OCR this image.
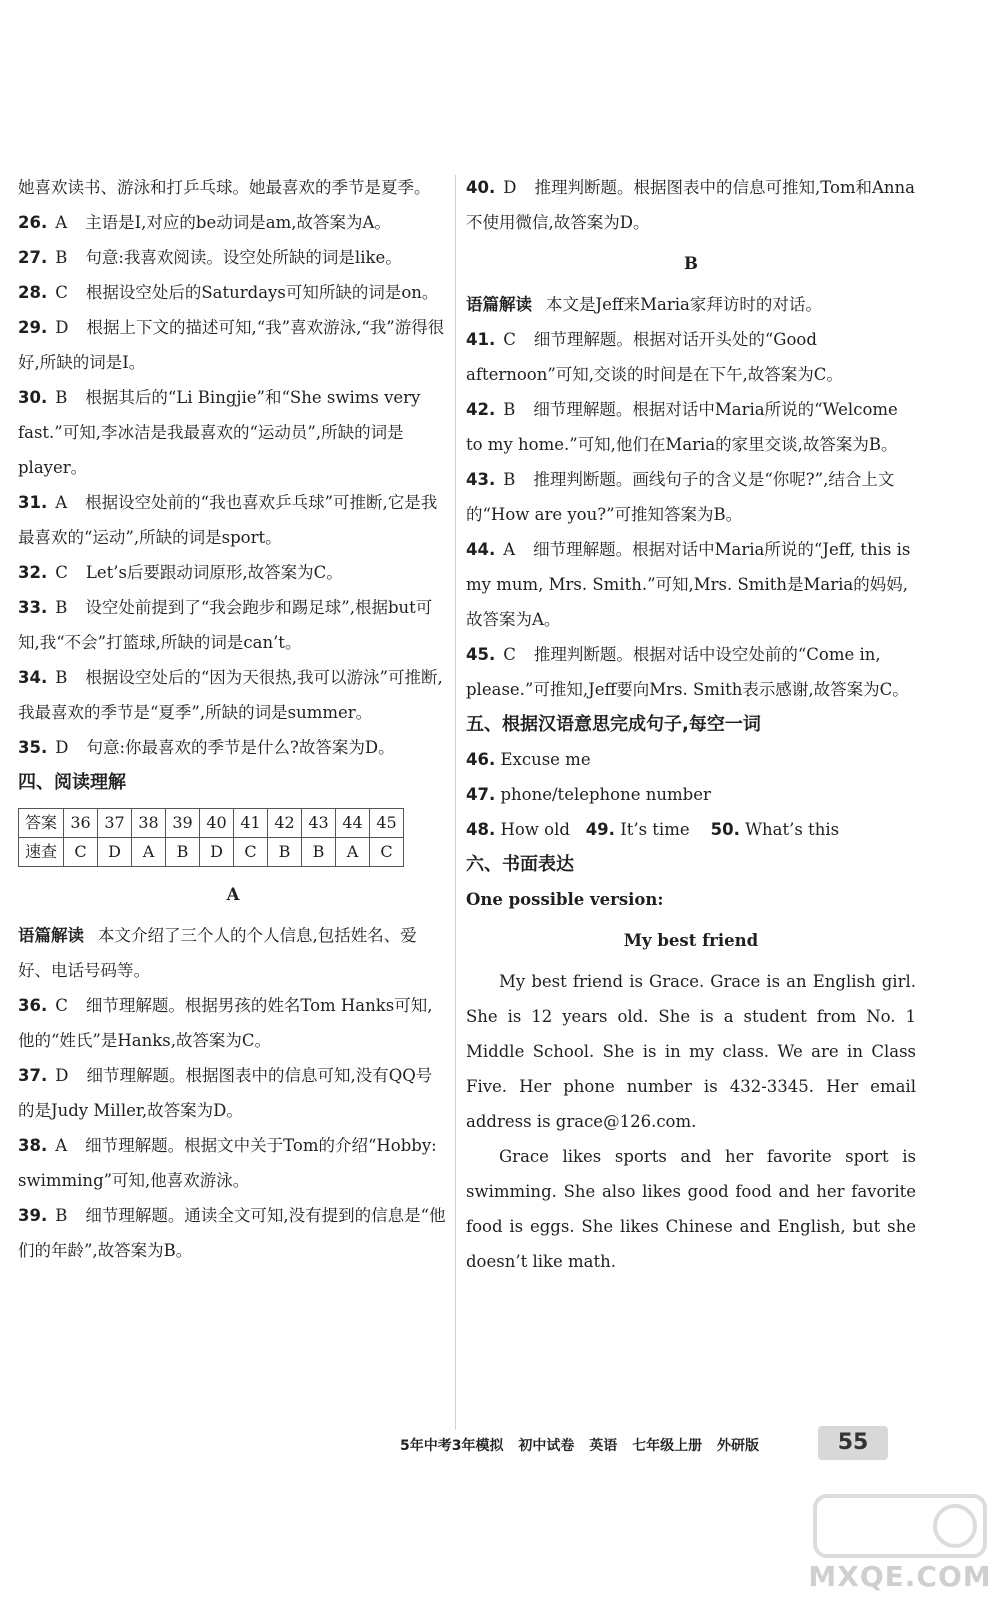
她喜欢读书、游泳和打乒乓球。她最喜欢的季节是夏季。

26. A 主语是I,对应的be动词是am,故答案为A。

27. B 句意:我喜欢阅读。设空处所缺的词是like。

28. C 根据设空处后的Saturdays可知所缺的词是on。

29. D 根据上下文的描述可知,“我”喜欢游泳,“我”游得很好,所缺的词是I。

30. B 根据其后的“Li Bingjie”和“She swims very fast.”可知,李冰洁是我最喜欢的“运动员”,所缺的词是player。

31. A 根据设空处前的“我也喜欢乒乓球”可推断,它是我最喜欢的“运动”,所缺的词是sport。

32. C Let’s后要跟动词原形,故答案为C。

33. B 设空处前提到了“我会跑步和踢足球”,根据but可知,我“不会”打篮球,所缺的词是can’t。

34. B 根据设空处后的“因为天很热,我可以游泳”可推断,我最喜欢的季节是“夏季”,所缺的词是summer。

35. D 句意:你最喜欢的季节是什么?故答案为D。

四、阅读理解

答案	36	37	38	39	40	41	42	43	44	45
速查	C	D	A	B	D	C	B	B	A	C

A

语篇解读 本文介绍了三个人的个人信息,包括姓名、爱好、电话号码等。

36. C 细节理解题。根据男孩的姓名Tom Hanks可知,他的“姓氏”是Hanks,故答案为C。

37. D 细节理解题。根据图表中的信息可知,没有QQ号的是Judy Miller,故答案为D。

38. A 细节理解题。根据文中关于Tom的介绍“Hobby: swimming”可知,他喜欢游泳。

39. B 细节理解题。通读全文可知,没有提到的信息是“他们的年龄”,故答案为B。

40. D 推理判断题。根据图表中的信息可推知,Tom和Anna不使用微信,故答案为D。

B

语篇解读 本文是Jeff来Maria家拜访时的对话。

41. C 细节理解题。根据对话开头处的“Good afternoon”可知,交谈的时间是在下午,故答案为C。

42. B 细节理解题。根据对话中Maria所说的“Welcome to my home.”可知,他们在Maria的家里交谈,故答案为B。

43. B 推理判断题。画线句子的含义是“你呢?”,结合上文的“How are you?”可推知答案为B。

44. A 细节理解题。根据对话中Maria所说的“Jeff, this is my mum, Mrs. Smith.”可知,Mrs. Smith是Maria的妈妈,故答案为A。

45. C 推理判断题。根据对话中设空处前的“Come in, please.”可推知,Jeff要向Mrs. Smith表示感谢,故答案为C。

五、根据汉语意思完成句子,每空一词

46. Excuse me

47. phone/telephone number

48. How old 49. It’s time 50. What’s this

六、书面表达

One possible version:

My best friend

My best friend is Grace. Grace is an English girl. She is 12 years old. She is a student from No. 1 Middle School. She is in my class. We are in Class Five. Her phone number is 432-3345. Her email address is grace@126.com.

Grace likes sports and her favorite sport is swimming. She also likes good food and her favorite food is eggs. She likes Chinese and English, but she doesn’t like math.

5年中考3年模拟 初中试卷 英语 七年级上册 外研版	55
MXQE.COM
